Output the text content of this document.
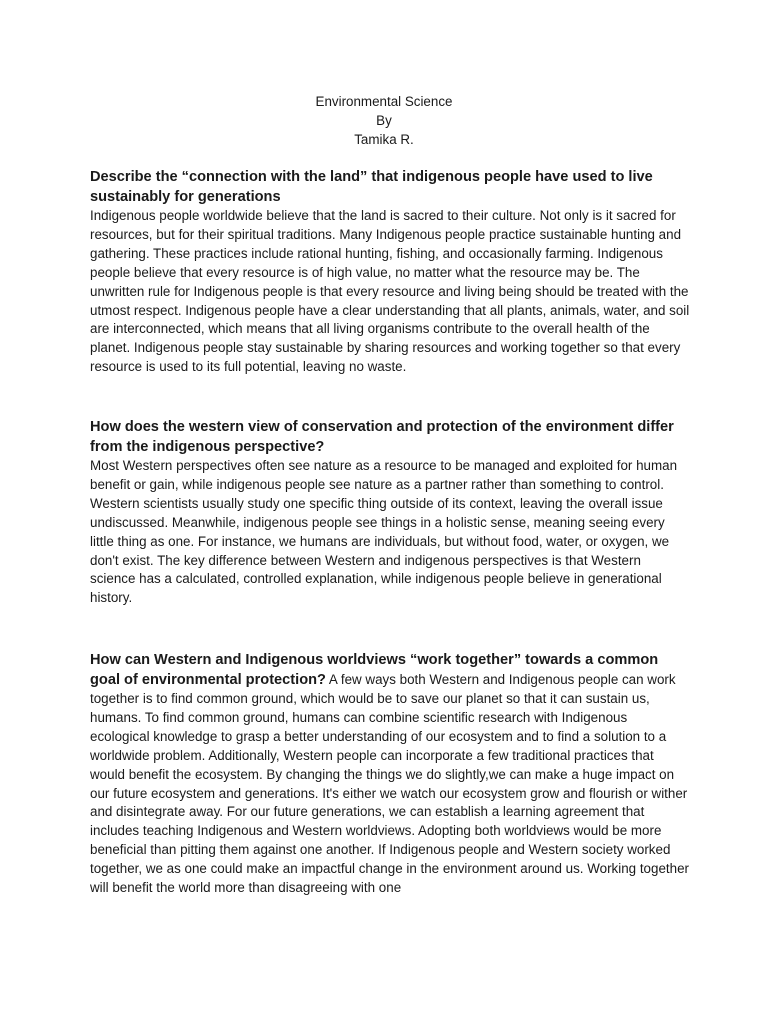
Environmental Science
By
Tamika R.
Describe the “connection with the land” that indigenous people have used to live sustainably for generations
Indigenous people worldwide believe that the land is sacred to their culture. Not only is it sacred for resources, but for their spiritual traditions. Many Indigenous people practice sustainable hunting and gathering. These practices include rational hunting, fishing, and occasionally farming. Indigenous people believe that every resource is of high value, no matter what the resource may be. The unwritten rule for Indigenous people is that every resource and living being should be treated with the utmost respect. Indigenous people have a clear understanding that all plants, animals, water, and soil are interconnected, which means that all living organisms contribute to the overall health of the planet. Indigenous people stay sustainable by sharing resources and working together so that every resource is used to its full potential, leaving no waste.
How does the western view of conservation and protection of the environment differ from the indigenous perspective?
Most Western perspectives often see nature as a resource to be managed and exploited for human benefit or gain, while indigenous people see nature as a partner rather than something to control. Western scientists usually study one specific thing outside of its context, leaving the overall issue undiscussed. Meanwhile, indigenous people see things in a holistic sense, meaning seeing every little thing as one. For instance, we humans are individuals, but without food, water, or oxygen, we don't exist. The key difference between Western and indigenous perspectives is that Western science has a calculated, controlled explanation, while indigenous people believe in generational history.
How can Western and Indigenous worldviews “work together” towards a common goal of environmental protection? A few ways both Western and Indigenous people can work together is to find common ground, which would be to save our planet so that it can sustain us, humans. To find common ground, humans can combine scientific research with Indigenous ecological knowledge to grasp a better understanding of our ecosystem and to find a solution to a worldwide problem. Additionally, Western people can incorporate a few traditional practices that would benefit the ecosystem. By changing the things we do slightly,we can make a huge impact on our future ecosystem and generations. It's either we watch our ecosystem grow and flourish or wither and disintegrate away. For our future generations, we can establish a learning agreement that includes teaching Indigenous and Western worldviews. Adopting both worldviews would be more beneficial than pitting them against one another. If Indigenous people and Western society worked together, we as one could make an impactful change in the environment around us. Working together will benefit the world more than disagreeing with one
